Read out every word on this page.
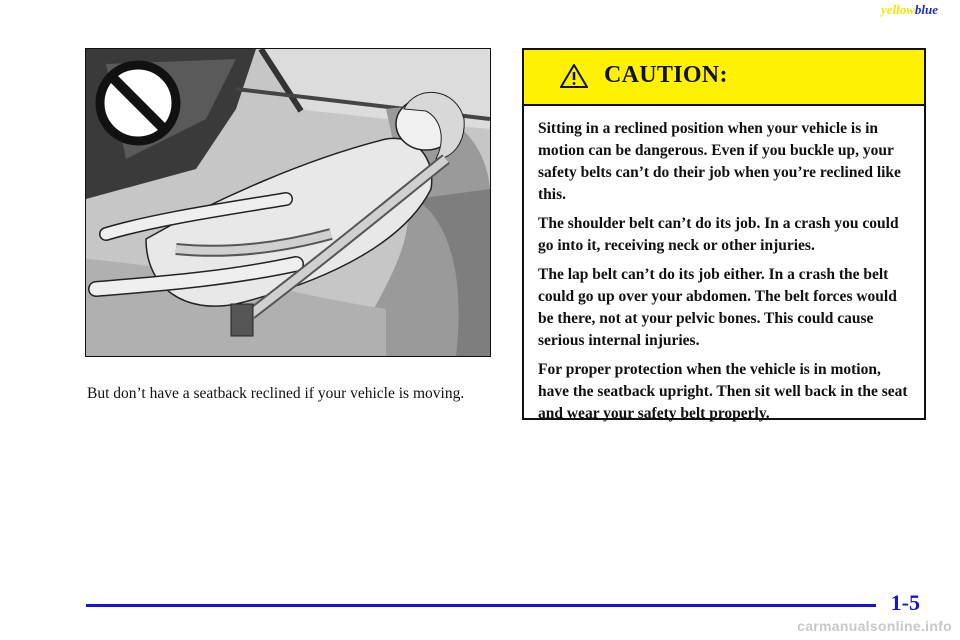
yellowblue
But don’t have a seatback reclined if your vehicle is moving.
CAUTION:

Sitting in a reclined position when your vehicle is in motion can be dangerous. Even if you buckle up, your safety belts can’t do their job when you’re reclined like this.

The shoulder belt can’t do its job. In a crash you could go into it, receiving neck or other injuries.

The lap belt can’t do its job either. In a crash the belt could go up over your abdomen. The belt forces would be there, not at your pelvic bones. This could cause serious internal injuries.

For proper protection when the vehicle is in motion, have the seatback upright. Then sit well back in the seat and wear your safety belt properly.

1-5
carmanualsonline.info
